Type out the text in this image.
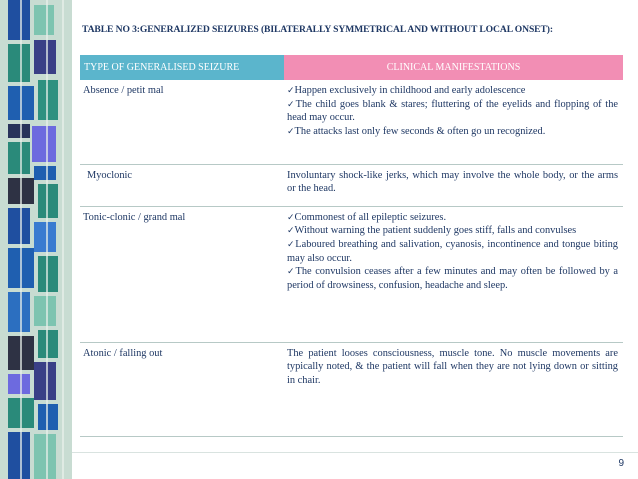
TABLE NO 3:GENERALIZED SEIZURES (BILATERALLY SYMMETRICAL AND WITHOUT LOCAL ONSET):
TYPE OF GENERALISED SEIZURE	CLINICAL MANIFESTATIONS
Absence / petit mal	✓Happen exclusively in childhood and early adolescence
✓The child goes blank & stares; fluttering of the eyelids and flopping of the head may occur.
✓The attacks last only few seconds & often go un recognized.

Myoclonic	Involuntary shock-like jerks, which may involve the whole body, or the arms or the head.
Tonic-clonic / grand mal	✓Commonest of all epileptic seizures.
✓Without warning the patient suddenly goes stiff, falls and convulses
✓Laboured breathing and salivation, cyanosis, incontinence and tongue biting may also occur.
✓The convulsion ceases after a few minutes and may often be followed by a period of drowsiness, confusion, headache and sleep.

Atonic / falling out	The patient looses consciousness, muscle tone. No muscle movements are typically noted, & the patient will fall when they are not lying down or sitting in chair.
9
